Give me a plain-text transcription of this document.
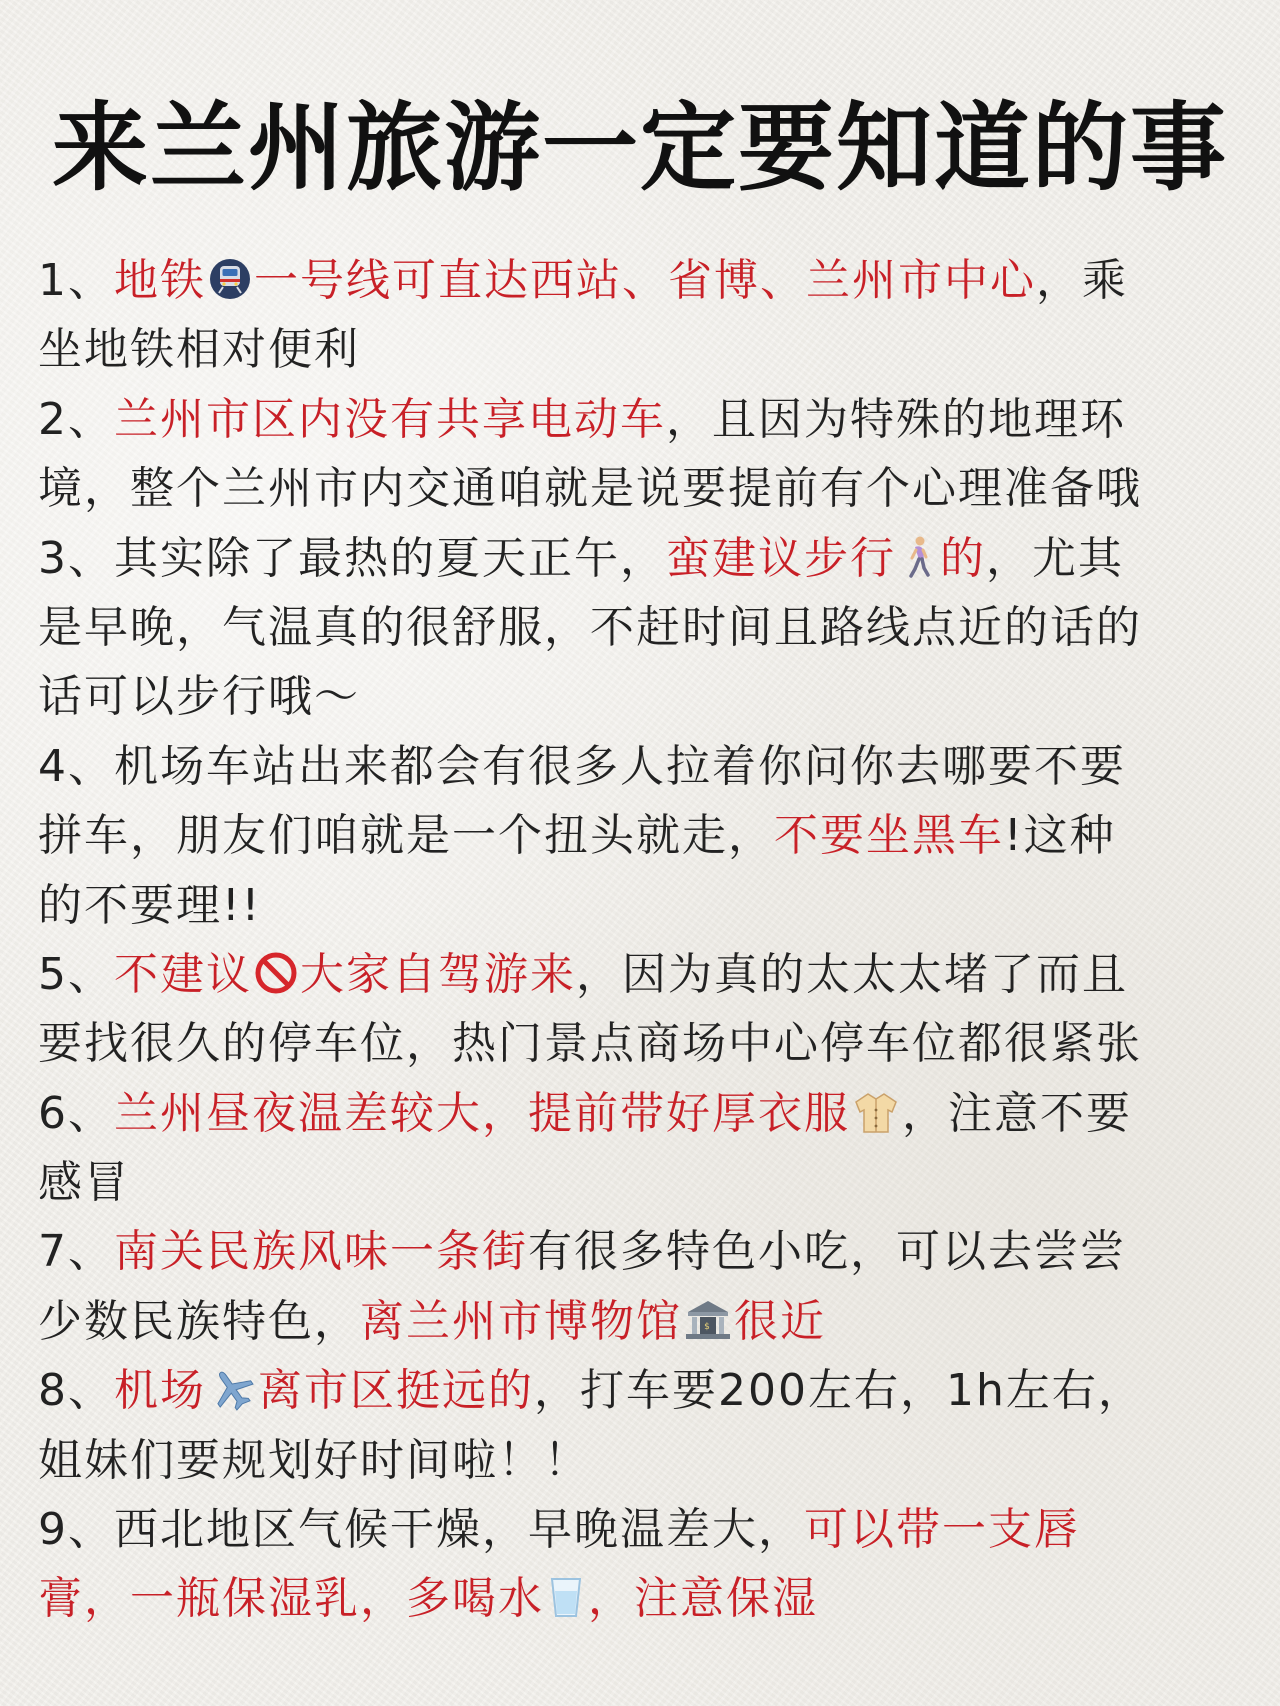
来兰州旅游一定要知道的事
1、地铁 一号线可直达西站、省博、兰州市中心，乘
坐地铁相对便利
2、兰州市区内没有共享电动车，且因为特殊的地理环
境，整个兰州市内交通咱就是说要提前有个心理准备哦
3、其实除了最热的夏天正午，蛮建议步行 的，尤其
是早晚，气温真的很舒服，不赶时间且路线点近的话的
话可以步行哦～
4、机场车站出来都会有很多人拉着你问你去哪要不要
拼车，朋友们咱就是一个扭头就走，不要坐黑车!这种
的不要理!!
5、不建议 大家自驾游来，因为真的太太太堵了而且
要找很久的停车位，热门景点商场中心停车位都很紧张
6、兰州昼夜温差较大，提前带好厚衣服 ，注意不要
感冒
7、南关民族风味一条街有很多特色小吃，可以去尝尝
少数民族特色，离兰州市博物馆 $ 很近
8、机场 离市区挺远的，打车要200左右，1h左右，
姐妹们要规划好时间啦！！
9、西北地区气候干燥，早晚温差大，可以带一支唇
膏，一瓶保湿乳，多喝水 ，注意保湿
